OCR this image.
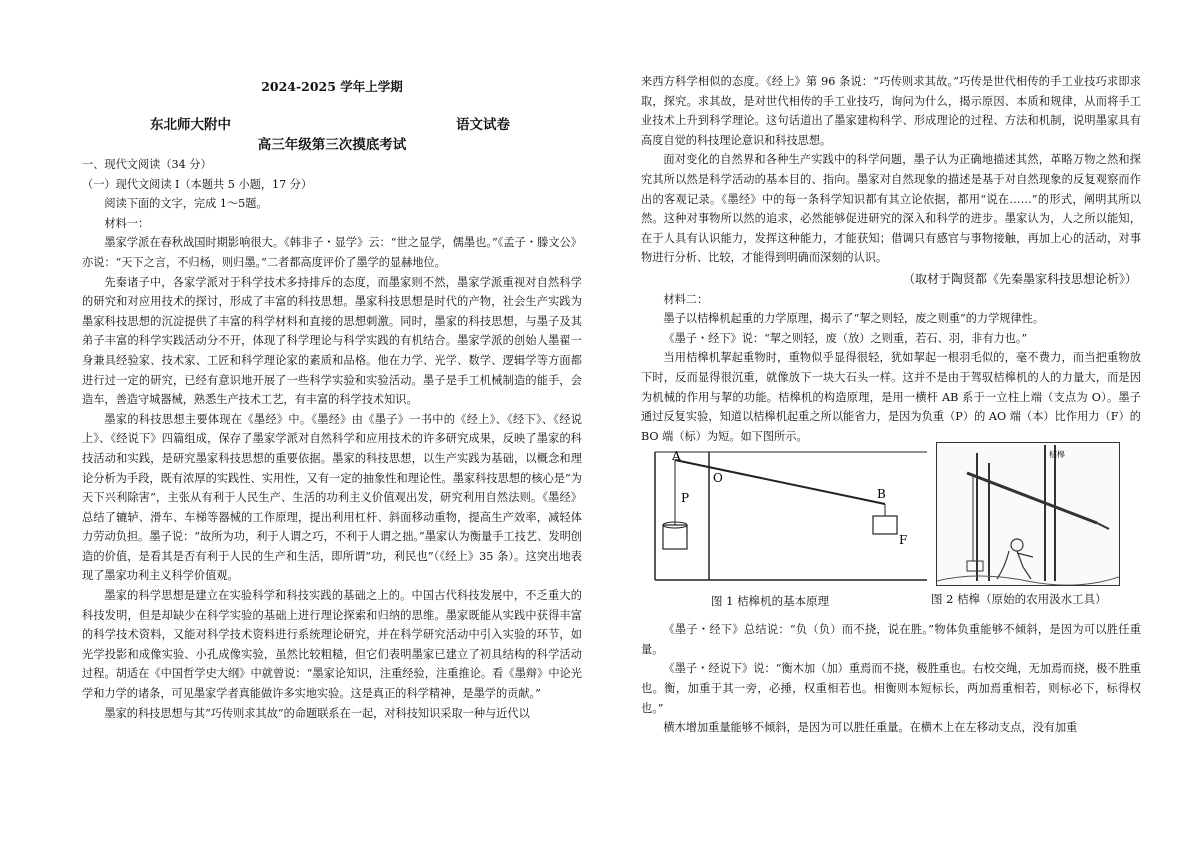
2024-2025 学年上学期
东北师大附中	语文试卷
高三年级第三次摸底考试
一、现代文阅读（34 分）
（一）现代文阅读 I（本题共 5 小题，17 分）
阅读下面的文字，完成 1～5题。
材料一：

墨家学派在春秋战国时期影响很大。《韩非子・显学》云：“世之显学，儒墨也。”《孟子・滕文公》亦说：“天下之言，不归杨，则归墨。”二者都高度评价了墨学的显赫地位。

先秦诸子中，各家学派对于科学技术多持排斥的态度，而墨家则不然，墨家学派重视对自然科学的研究和对应用技术的探讨，形成了丰富的科技思想。墨家科技思想是时代的产物，社会生产实践为墨家科技思想的沉淀提供了丰富的科学材料和直接的思想刺激。同时，墨家的科技思想，与墨子及其弟子丰富的科学实践活动分不开，体现了科学理论与科学实践的有机结合。墨家学派的创始人墨翟一身兼具经验家、技术家、工匠和科学理论家的素质和品格。他在力学、光学、数学、逻辑学等方面都进行过一定的研究，已经有意识地开展了一些科学实验和实验活动。墨子是手工机械制造的能手，会造车，善造守城器械，熟悉生产技术工艺，有丰富的科学技术知识。

墨家的科技思想主要体现在《墨经》中。《墨经》由《墨子》一书中的《经上》、《经下》、《经说上》、《经说下》四篇组成，保存了墨家学派对自然科学和应用技术的许多研究成果，反映了墨家的科技活动和实践，是研究墨家科技思想的重要依据。墨家的科技思想，以生产实践为基础，以概念和理论分析为手段，既有浓厚的实践性、实用性，又有一定的抽象性和理论性。墨家科技思想的核心是“为天下兴利除害”，主张从有利于人民生产、生活的功利主义价值观出发，研究利用自然法则。《墨经》总结了辘轳、滑车、车梯等器械的工作原理，提出利用杠杆、斜面移动重物，提高生产效率，减轻体力劳动负担。墨子说：“故所为功，利于人谓之巧，不利于人谓之拙。”墨家认为衡量手工技艺、发明创造的价值，是看其是否有利于人民的生产和生活，即所谓“功，利民也”（《经上》35 条）。这突出地表现了墨家功利主义科学价值观。

墨家的科学思想是建立在实验科学和科技实践的基础之上的。中国古代科技发展中，不乏重大的科技发明，但是却缺少在科学实验的基础上进行理论探索和归纳的思维。墨家既能从实践中获得丰富的科学技术资料，又能对科学技术资料进行系统理论研究，并在科学研究活动中引入实验的环节，如光学投影和成像实验、小孔成像实验，虽然比较粗糙，但它们表明墨家已建立了初具结构的科学活动过程。胡适在《中国哲学史大纲》中就曾说：“墨家论知识，注重经验，注重推论。看《墨辩》中论光学和力学的诸条，可见墨家学者真能做许多实地实验。这是真正的科学精神，是墨学的贡献。”

墨家的科技思想与其“巧传则求其故”的命题联系在一起，对科技知识采取一种与近代以

来西方科学相似的态度。《经上》第 96 条说：“巧传则求其故。”巧传是世代相传的手工业技巧求即求取，探究。求其故，是对世代相传的手工业技巧，询问为什么，揭示原因、本质和规律，从而将手工业技术上升到科学理论。这句话道出了墨家建构科学、形成理论的过程、方法和机制，说明墨家具有高度自觉的科技理论意识和科技思想。

面对变化的自然界和各种生产实践中的科学问题，墨子认为正确地描述其然，革略万物之然和探究其所以然是科学活动的基本目的、指向。墨家对自然现象的描述是基于对自然现象的反复观察而作出的客观记录。《墨经》中的每一条科学知识都有其立论依据，都用“说在……”的形式，阐明其所以然。这种对事物所以然的追求，必然能够促进研究的深入和科学的进步。墨家认为，人之所以能知，在于人具有认识能力，发挥这种能力，才能获知；借调只有感官与事物接触，再加上心的活动，对事物进行分析、比较，才能得到明确而深刻的认识。

（取材于陶贤都《先秦墨家科技思想论析》）
材料二：

墨子以桔槔机起重的力学原理，揭示了“挈之则轻，废之则重”的力学规律性。

《墨子・经下》说：“挈之则轻，废（放）之则重，若石、羽，非有力也。”

当用桔槔机挈起重物时，重物似乎显得很轻，犹如挈起一根羽毛似的，毫不费力，而当把重物放下时，反而显得很沉重，就像放下一块大石头一样。这并不是由于驾驭桔槔机的人的力量大，而是因为机械的作用与挈的功能。桔槔机的构造原理，是用一横杆 AB 系于一立柱上端（支点为 O）。墨子通过反复实验，知道以桔槔机起重之所以能省力，是因为负重（P）的 AO 端（本）比作用力（F）的 BO 端（标）为短。如下图所示。

A
O
P	B
F
桔槔
图 1 桔槔机的基本原理	图 2 桔槔（原始的农用汲水工具）

《墨子・经下》总结说：“负（负）而不挠，说在胜。”物体负重能够不倾斜，是因为可以胜任重量。

《墨子・经说下》说：“衡木加（加）重焉而不挠，极胜重也。右校交绳，无加焉而挠，极不胜重也。衡，加重于其一旁，必捶，权重相若也。相衡则本短标长，两加焉重相若，则标必下，标得权也。”

横木增加重量能够不倾斜，是因为可以胜任重量。在横木上在左移动支点，没有加重
